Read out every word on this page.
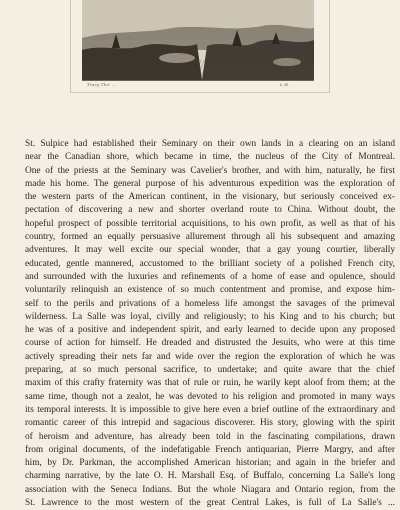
Tracy Tho' ...	L.H.
St. Sulpice had established their Seminary on their own lands in a clearing on an island
near the Canadian shore, which became in time, the nucleus of the City of Montreal.
One of the priests at the Seminary was Cavelier's brother, and with him, naturally, he first
made his home. The general purpose of his adventurous expedition was the exploration of
the western parts of the American continent, in the visionary, but seriously conceived ex-
pectation of discovering a new and shorter overland route to China. Without doubt, the
hopeful prospect of possible territorial acquisitions, to his own profit, as well as that of his
country, formed an equally persuasive allurement through all his subsequent and amazing
adventures. It may well excite our special wonder, that a gay young courtier, liberally
educated, gentle mannered, accustomed to the brilliant society of a polished French city,
and surrounded with the luxuries and refinements of a home of ease and opulence, should
voluntarily relinquish an existence of so much contentment and promise, and expose him-
self to the perils and privations of a homeless life amongst the savages of the primeval
wilderness. La Salle was loyal, civilly and religiously; to his King and to his church; but
he was of a positive and independent spirit, and early learned to decide upon any proposed
course of action for himself. He dreaded and distrusted the Jesuits, who were at this time
actively spreading their nets far and wide over the region the exploration of which he was
preparing, at so much personal sacrifice, to undertake; and quite aware that the chief
maxim of this crafty fraternity was that of rule or ruin, he warily kept aloof from them; at the
same time, though not a zealot, he was devoted to his religion and promoted in many ways
its temporal interests. It is impossible to give here even a brief outline of the extraordinary and
romantic career of this intrepid and sagacious discoverer. His story, glowing with the spirit
of heroism and adventure, has already been told in the fascinating compilations, drawn
from original documents, of the indefatigable French antiquarian, Pierre Margry, and after
him, by Dr. Parkman, the accomplished American historian; and again in the briefer and
charming narrative, by the late O. H. Marshall Esq. of Buffalo, concerning La Salle's long
association with the Seneca Indians. But the whole Niagara and Ontario region, from the
St. Lawrence to the most western of the great Central Lakes, is full of La Salle's ...
